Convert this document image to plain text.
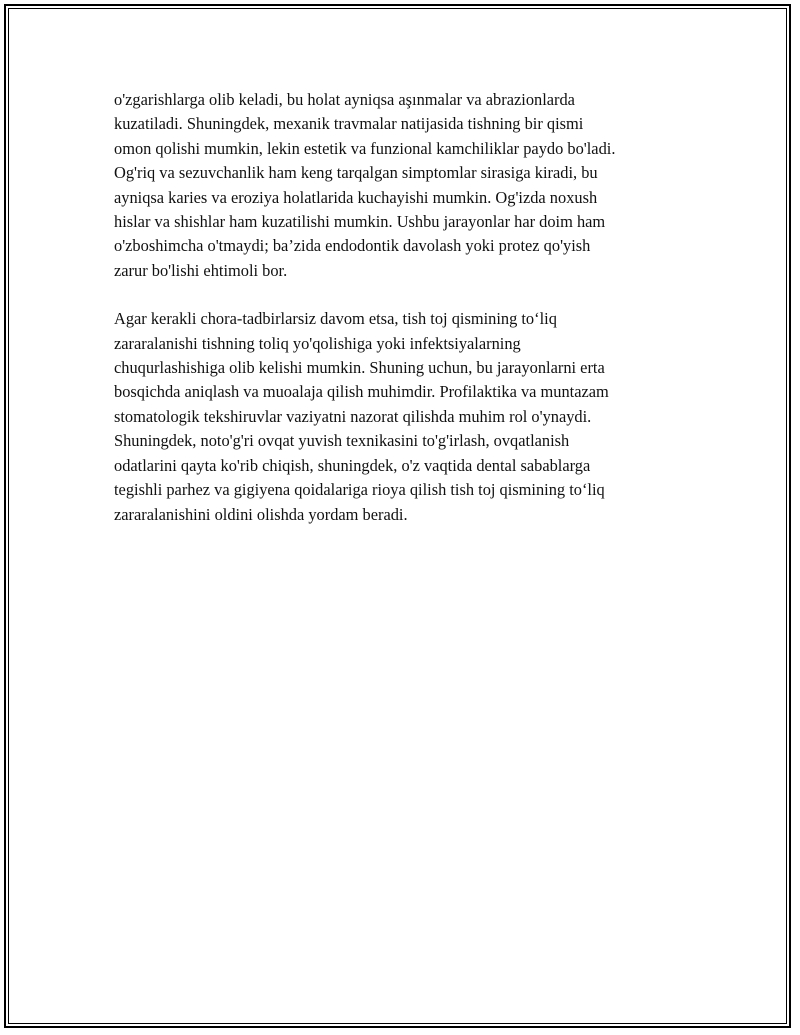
o'zgarishlarga olib keladi, bu holat ayniqsa aşınmalar va abrazionlarda
kuzatiladi. Shuningdek, mexanik travmalar natijasida tishning bir qismi
omon qolishi mumkin, lekin estetik va funzional kamchiliklar paydo bo'ladi.
Og'riq va sezuvchanlik ham keng tarqalgan simptomlar sirasiga kiradi, bu
ayniqsa karies va eroziya holatlarida kuchayishi mumkin. Og'izda noxush
hislar va shishlar ham kuzatilishi mumkin. Ushbu jarayonlar har doim ham
o'zboshimcha o'tmaydi; ba’zida endodontik davolash yoki protez qo'yish
zarur bo'lishi ehtimoli bor.
Agar kerakli chora-tadbirlarsiz davom etsa, tish toj qismining to‘liq
zararalanishi tishning toliq yo'qolishiga yoki infektsiyalarning
chuqurlashishiga olib kelishi mumkin. Shuning uchun, bu jarayonlarni erta
bosqichda aniqlash va muoalaja qilish muhimdir. Profilaktika va muntazam
stomatologik tekshiruvlar vaziyatni nazorat qilishda muhim rol o'ynaydi.
Shuningdek, noto'g'ri ovqat yuvish texnikasini to'g'irlash, ovqatlanish
odatlarini qayta ko'rib chiqish, shuningdek, o'z vaqtida dental sabablarga
tegishli parhez va gigiyena qoidalariga rioya qilish tish toj qismining to‘liq
zararalanishini oldini olishda yordam beradi.
